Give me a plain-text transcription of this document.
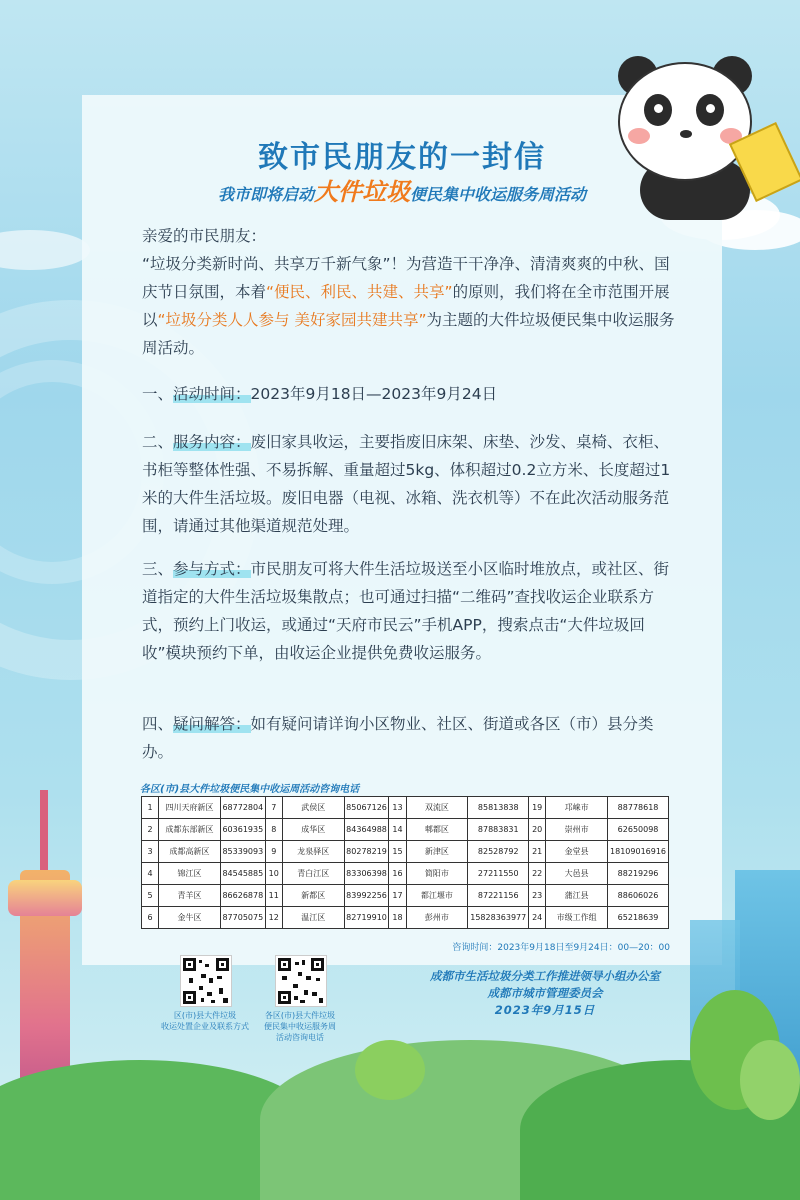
致市民朋友的一封信
我市即将启动大件垃圾便民集中收运服务周活动
亲爱的市民朋友：
“垃圾分类新时尚、共享万千新气象”！为营造干干净净、清清爽爽的中秋、国庆节日氛围，本着“便民、利民、共建、共享”的原则，我们将在全市范围开展以“垃圾分类人人参与 美好家园共建共享”为主题的大件垃圾便民集中收运服务周活动。
一、活动时间：2023年9月18日—2023年9月24日
二、服务内容：废旧家具收运，主要指废旧床架、床垫、沙发、桌椅、衣柜、书柜等整体性强、不易拆解、重量超过5kg、体积超过0.2立方米、长度超过1米的大件生活垃圾。废旧电器（电视、冰箱、洗衣机等）不在此次活动服务范围，请通过其他渠道规范处理。
三、参与方式：市民朋友可将大件生活垃圾送至小区临时堆放点，或社区、街道指定的大件生活垃圾集散点；也可通过扫描“二维码”查找收运企业联系方式，预约上门收运，或通过“天府市民云”手机APP，搜索点击“大件垃圾回收”模块预约下单，由收运企业提供免费收运服务。
四、疑问解答：如有疑问请详询小区物业、社区、街道或各区（市）县分类办。
各区(市)县大件垃圾便民集中收运周活动咨询电话
1	四川天府新区	68772804	7	武侯区	85067126	13	双流区	85813838	19	邛崃市	88778618
2	成都东部新区	60361935	8	成华区	84364988	14	郫都区	87883831	20	崇州市	62650098
3	成都高新区	85339093	9	龙泉驿区	80278219	15	新津区	82528792	21	金堂县	18109016916
4	锦江区	84545885	10	青白江区	83306398	16	简阳市	27211550	22	大邑县	88219296
5	青羊区	86626878	11	新都区	83992256	17	都江堰市	87221156	23	蒲江县	88606026
6	金牛区	87705075	12	温江区	82719910	18	彭州市	15828363977	24	市级工作组	65218639
咨询时间：2023年9月18日至9月24日：00—20：00
区(市)县大件垃圾
收运处置企业及联系方式
各区(市)县大件垃圾
便民集中收运服务周
活动咨询电话
成都市生活垃圾分类工作推进领导小组办公室
成都市城市管理委员会
2023年9月15日
